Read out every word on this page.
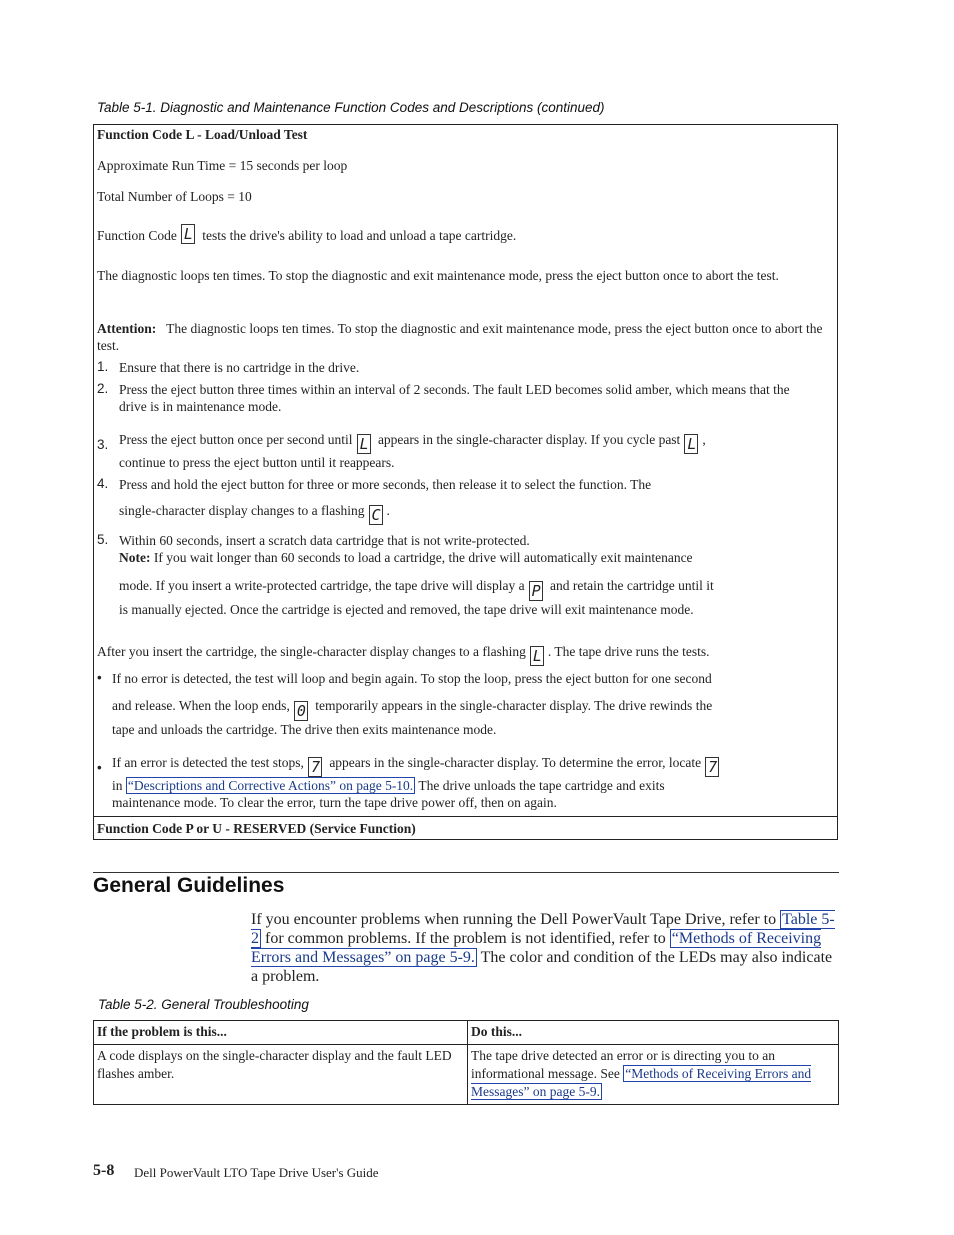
Table 5-1. Diagnostic and Maintenance Function Codes and Descriptions (continued)
Function Code L - Load/Unload Test
Approximate Run Time = 15 seconds per loop
Total Number of Loops = 10
Function Code L tests the drive's ability to load and unload a tape cartridge.
The diagnostic loops ten times. To stop the diagnostic and exit maintenance mode, press the eject button once to abort the test.
Attention: The diagnostic loops ten times. To stop the diagnostic and exit maintenance mode, press the eject button once to abort the test.
1. Ensure that there is no cartridge in the drive.
2. Press the eject button three times within an interval of 2 seconds. The fault LED becomes solid amber, which means that the drive is in maintenance mode.
3. Press the eject button once per second until L appears in the single-character display. If you cycle past L ,
continue to press the eject button until it reappears.
4. Press and hold the eject button for three or more seconds, then release it to select the function. The
single-character display changes to a flashing C .
5. Within 60 seconds, insert a scratch data cartridge that is not write-protected.
Note: If you wait longer than 60 seconds to load a cartridge, the drive will automatically exit maintenance
mode. If you insert a write-protected cartridge, the tape drive will display a P and retain the cartridge until it
is manually ejected. Once the cartridge is ejected and removed, the tape drive will exit maintenance mode.
After you insert the cartridge, the single-character display changes to a flashing L . The tape drive runs the tests.
• If no error is detected, the test will loop and begin again. To stop the loop, press the eject button for one second
and release. When the loop ends, 0 temporarily appears in the single-character display. The drive rewinds the
tape and unloads the cartridge. The drive then exits maintenance mode.
• If an error is detected the test stops, 7 appears in the single-character display. To determine the error, locate 7
in “Descriptions and Corrective Actions” on page 5-10. The drive unloads the tape cartridge and exits
maintenance mode. To clear the error, turn the tape drive power off, then on again.
Function Code P or U - RESERVED (Service Function)
General Guidelines
If you encounter problems when running the Dell PowerVault Tape Drive, refer to Table 5-2 for common problems. If the problem is not identified, refer to “Methods of Receiving Errors and Messages” on page 5-9. The color and condition of the LEDs may also indicate a problem.
Table 5-2. General Troubleshooting
If the problem is this...	Do this...
A code displays on the single-character display and the fault LED flashes amber.	The tape drive detected an error or is directing you to an informational message. See “Methods of Receiving Errors and Messages” on page 5-9.
5-8 Dell PowerVault LTO Tape Drive User's Guide
